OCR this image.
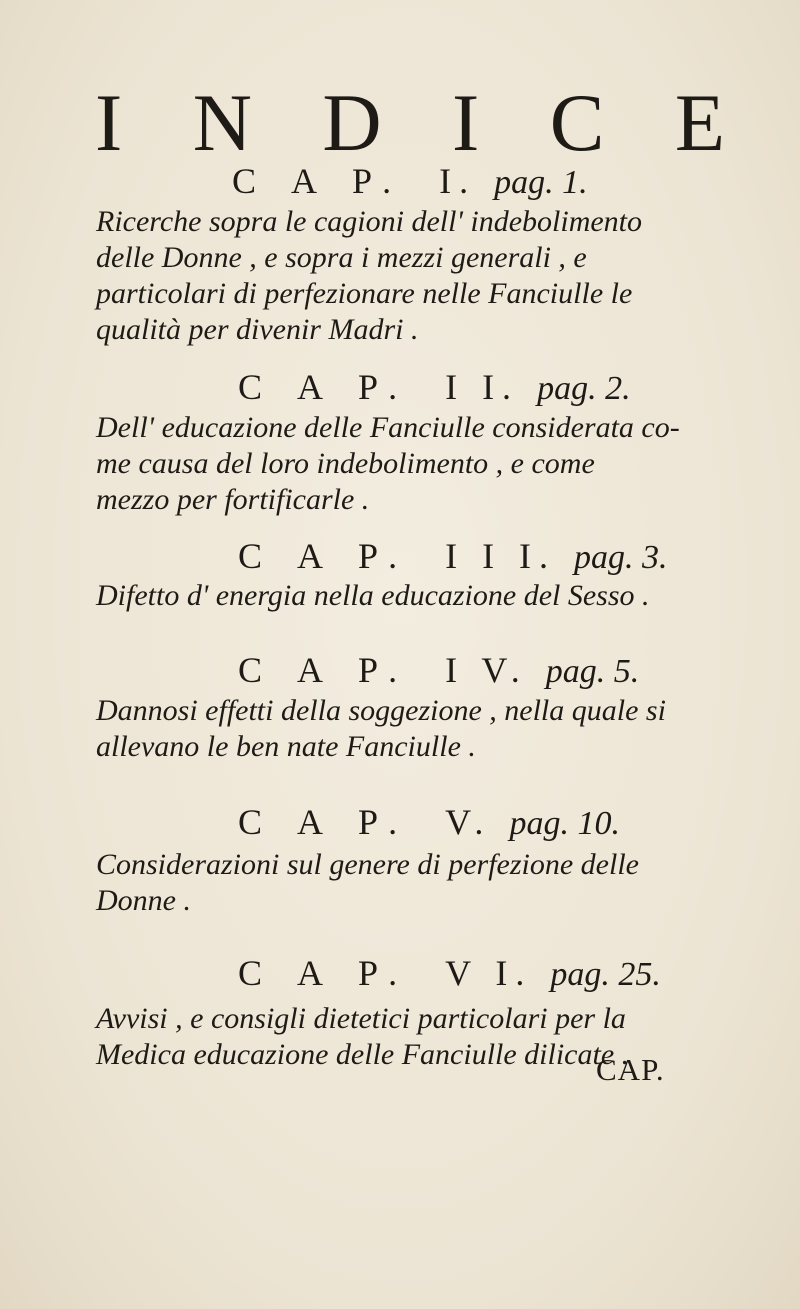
I N D I C E
C A P. I. pag. 1.
Ricerche sopra le cagioni dell' indebolimento
delle Donne , e sopra i mezzi generali , e
particolari di perfezionare nelle Fanciulle le
qualità per divenir Madri .
C A P. I I. pag. 2.
Dell' educazione delle Fanciulle considerata co-
me causa del loro indebolimento , e come
mezzo per fortificarle .
C A P. I I I. pag. 3.
Difetto d' energia nella educazione del Sesso .
C A P. I V. pag. 5.
Dannosi effetti della soggezione , nella quale si
allevano le ben nate Fanciulle .
C A P. V. pag. 10.
Considerazioni sul genere di perfezione delle
Donne .
C A P. V I. pag. 25.
Avvisi , e consigli dietetici particolari per la
Medica educazione delle Fanciulle dilicate .
CAP.
